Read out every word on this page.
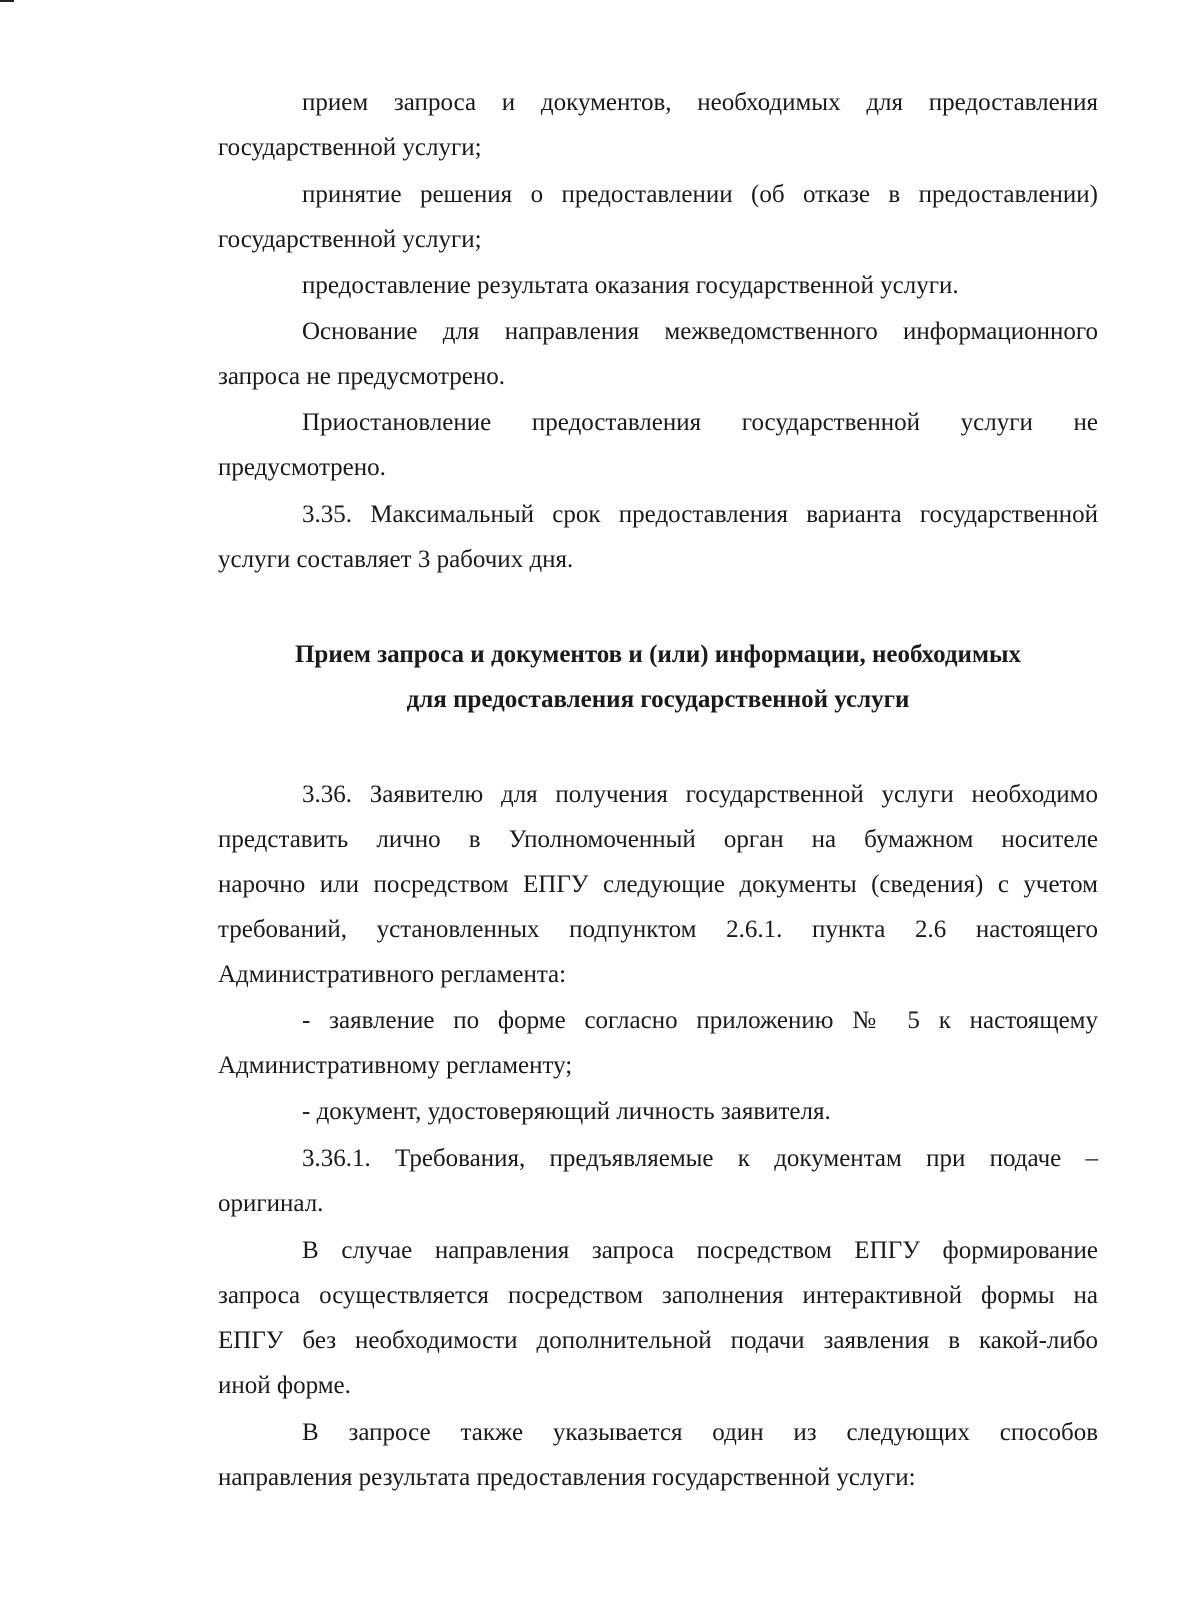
прием запроса и документов, необходимых для предоставления
государственной услуги;

принятие решения о предоставлении (об отказе в предоставлении)
государственной услуги;

предоставление результата оказания государственной услуги.

Основание для направления межведомственного информационного
запроса не предусмотрено.

Приостановление предоставления государственной услуги не
предусмотрено.

3.35. Максимальный срок предоставления варианта государственной
услуги составляет 3 рабочих дня.

Прием запроса и документов и (или) информации, необходимых
для предоставления государственной услуги

3.36. Заявителю для получения государственной услуги необходимо
представить лично в Уполномоченный орган на бумажном носителе
нарочно или посредством ЕПГУ следующие документы (сведения) с учетом
требований, установленных подпунктом 2.6.1. пункта 2.6 настоящего
Административного регламента:

- заявление по форме согласно приложению № 5 к настоящему
Административному регламенту;

- документ, удостоверяющий личность заявителя.

3.36.1. Требования, предъявляемые к документам при подаче –
оригинал.

В случае направления запроса посредством ЕПГУ формирование
запроса осуществляется посредством заполнения интерактивной формы на
ЕПГУ без необходимости дополнительной подачи заявления в какой-либо
иной форме.

В запросе также указывается один из следующих способов
направления результата предоставления государственной услуги:
